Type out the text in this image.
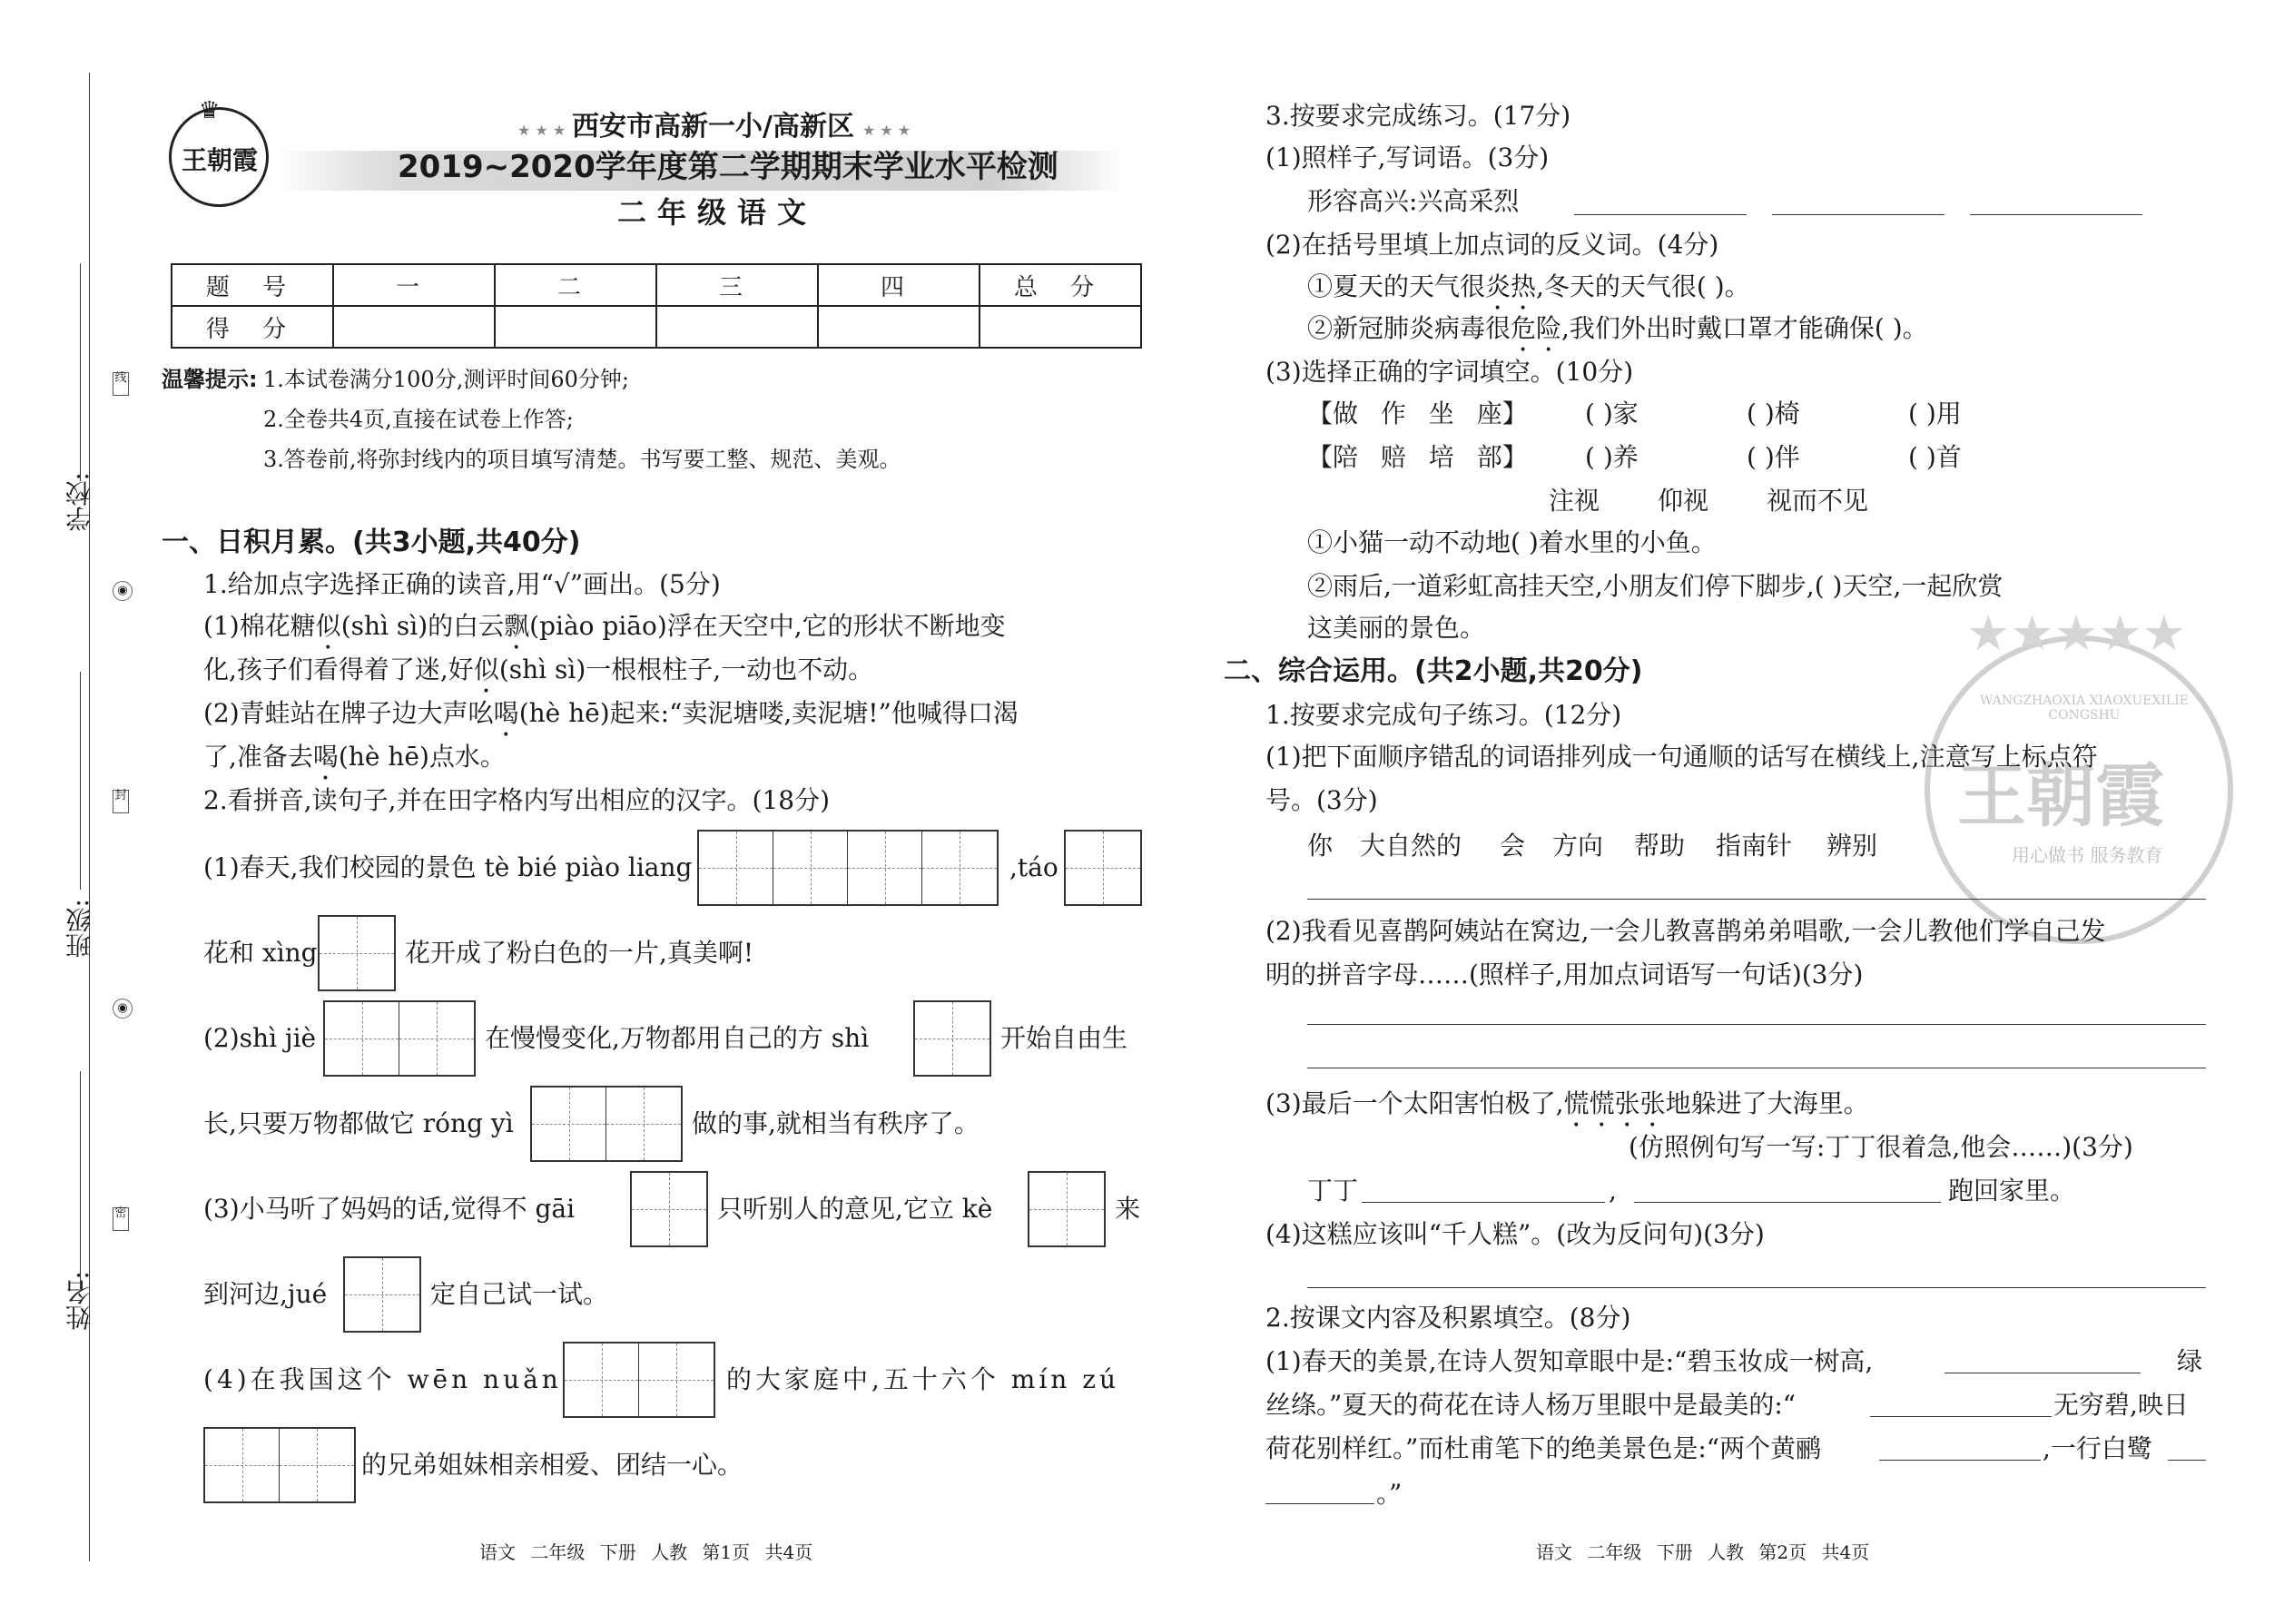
学校:
班级:
姓名:
线
◉
封
◉
密
♛
王朝霞
★ ★ ★ 西安市高新一小/高新区 ★ ★ ★
2019~2020学年度第二学期期末学业水平检测
二年级语文
题 号	一	二	三	四	总 分
得 分					
温馨提示: 1.本试卷满分100分,测评时间60分钟;
2.全卷共4页,直接在试卷上作答;
3.答卷前,将弥封线内的项目填写清楚。书写要工整、规范、美观。
一、日积月累。(共3小题,共40分)
1.给加点字选择正确的读音,用“√”画出。(5分)
(1)棉花糖似(shì sì)的白云飘(piào piāo)浮在天空中,它的形状不断地变
化,孩子们看得着了迷,好似(shì sì)一根根柱子,一动也不动。
(2)青蛙站在牌子边大声吆喝(hè hē)起来:“卖泥塘喽,卖泥塘!”他喊得口渴
了,准备去喝(hè hē)点水。
2.看拼音,读句子,并在田字格内写出相应的汉字。(18分)
(1)春天,我们校园的景色 tè bié piào liang	,táo
花和 xìng	花开成了粉白色的一片,真美啊!
(2)shì jiè	在慢慢变化,万物都用自己的方 shì	开始自由生
长,只要万物都做它 róng yì	做的事,就相当有秩序了。
(3)小马听了妈妈的话,觉得不 gāi	只听别人的意见,它立 kè	来
到河边,jué	定自己试一试。
(4)在我国这个 wēn nuǎn	的大家庭中,五十六个 mín zú
的兄弟姐妹相亲相爱、团结一心。
语文 二年级 下册 人教 第1页 共4页	语文 二年级 下册 人教 第2页 共4页
★★★★★
王朝霞
用心做书 服务教育
WANGZHAOXIA XIAOXUEXILIE CONGSHU
3.按要求完成练习。(17分)
(1)照样子,写词语。(3分)
形容高兴:兴高采烈
(2)在括号里填上加点词的反义词。(4分)
①夏天的天气很炎热,冬天的天气很( )。
②新冠肺炎病毒很危险,我们外出时戴口罩才能确保( )。
(3)选择正确的字词填空。(10分)
【做 作 坐 座】 ( )家	( )椅	( )用
【陪 赔 培 部】 ( )养	( )伴	( )首
注视 仰视 视而不见
①小猫一动不动地( )着水里的小鱼。
②雨后,一道彩虹高挂天空,小朋友们停下脚步,( )天空,一起欣赏
这美丽的景色。
二、综合运用。(共2小题,共20分)
1.按要求完成句子练习。(12分)
(1)把下面顺序错乱的词语排列成一句通顺的话写在横线上,注意写上标点符
号。(3分)
你 大自然的 会 方向 帮助 指南针 辨别
(2)我看见喜鹊阿姨站在窝边,一会儿教喜鹊弟弟唱歌,一会儿教他们学自己发
明的拼音字母……(照样子,用加点词语写一句话)(3分)
(3)最后一个太阳害怕极了,慌慌张张地躲进了大海里。
(仿照例句写一写:丁丁很着急,他会……)(3分)
丁丁	,	跑回家里。
(4)这糕应该叫“千人糕”。(改为反问句)(3分)
2.按课文内容及积累填空。(8分)
(1)春天的美景,在诗人贺知章眼中是:“碧玉妆成一树高,	绿
丝绦。”夏天的荷花在诗人杨万里眼中是最美的:“	无穷碧,映日
荷花别样红。”而杜甫笔下的绝美景色是:“两个黄鹂	,一行白鹭
。”
